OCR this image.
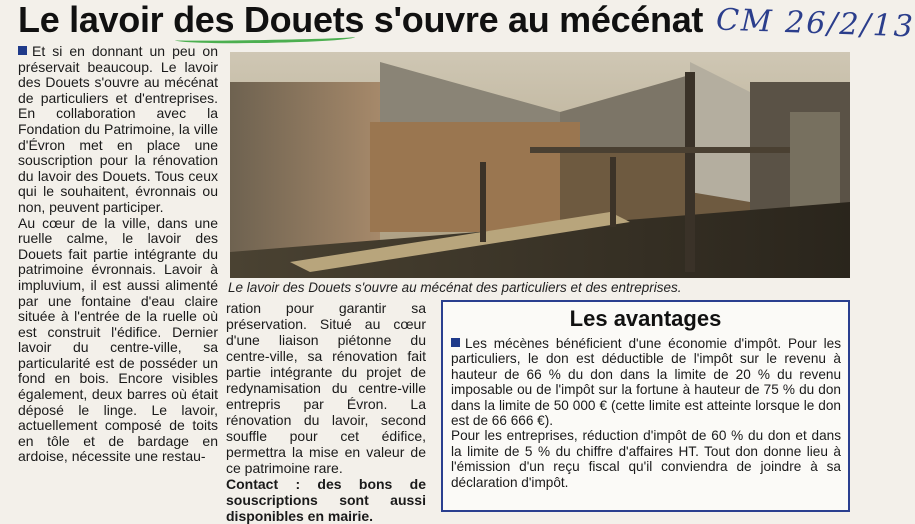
Le lavoir des Douets s'ouvre au mécénat CM 26/2/13

Et si en donnant un peu on préservait beaucoup. Le lavoir des Douets s'ouvre au mécénat de particuliers et d'entreprises. En collaboration avec la Fondation du Patrimoine, la ville d'Évron met en place une souscription pour la rénovation du lavoir des Douets. Tous ceux qui le souhaitent, évronnais ou non, peuvent participer.

Au cœur de la ville, dans une ruelle calme, le lavoir des Douets fait partie intégrante du patrimoine évronnais. Lavoir à impluvium, il est aussi alimenté par une fontaine d'eau claire située à l'entrée de la ruelle où est construit l'édifice. Dernier lavoir du centre-ville, sa particularité est de posséder un fond en bois. Encore visibles également, deux barres où était déposé le linge. Le lavoir, actuellement composé de toits en tôle et de bardage en ardoise, nécessite une restau-

Le lavoir des Douets s'ouvre au mécénat des particuliers et des entreprises.

ration pour garantir sa préservation. Situé au cœur d'une liaison piétonne du centre-ville, sa rénovation fait partie intégrante du projet de redynamisation du centre-ville entrepris par Évron. La rénovation du lavoir, second souffle pour cet édifice, permettra la mise en valeur de ce patrimoine rare.

Contact : des bons de souscriptions sont aussi disponibles en mairie.

Les avantages

Les mécènes bénéficient d'une économie d'impôt. Pour les particuliers, le don est déductible de l'impôt sur le revenu à hauteur de 66 % du don dans la limite de 20 % du revenu imposable ou de l'impôt sur la fortune à hauteur de 75 % du don dans la limite de 50 000 € (cette limite est atteinte lorsque le don est de 66 666 €).

Pour les entreprises, réduction d'impôt de 60 % du don et dans la limite de 5 % du chiffre d'affaires HT. Tout don donne lieu à l'émission d'un reçu fiscal qu'il conviendra de joindre à sa déclaration d'impôt.
